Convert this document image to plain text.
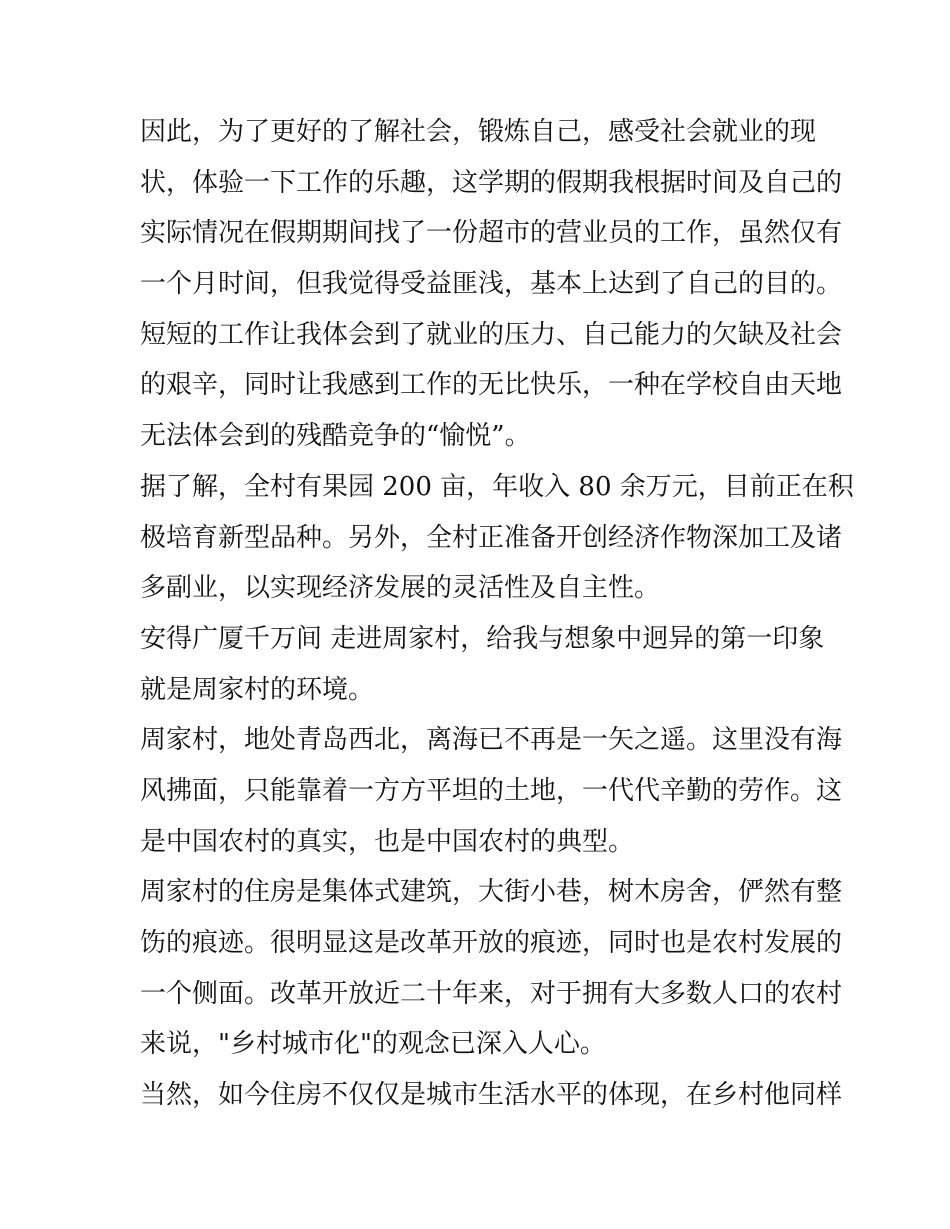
因此，为了更好的了解社会，锻炼自己，感受社会就业的现

状，体验一下工作的乐趣，这学期的假期我根据时间及自己的

实际情况在假期期间找了一份超市的营业员的工作，虽然仅有

一个月时间，但我觉得受益匪浅，基本上达到了自己的目的。

短短的工作让我体会到了就业的压力、自己能力的欠缺及社会

的艰辛，同时让我感到工作的无比快乐，一种在学校自由天地

无法体会到的残酷竞争的“愉悦”。

据了解，全村有果园 200 亩，年收入 80 余万元，目前正在积

极培育新型品种。另外，全村正准备开创经济作物深加工及诸

多副业，以实现经济发展的灵活性及自主性。

安得广厦千万间 走进周家村，给我与想象中迥异的第一印象

就是周家村的环境。

周家村，地处青岛西北，离海已不再是一矢之遥。这里没有海

风拂面，只能靠着一方方平坦的土地，一代代辛勤的劳作。这

是中国农村的真实，也是中国农村的典型。

周家村的住房是集体式建筑，大街小巷，树木房舍，俨然有整

饬的痕迹。很明显这是改革开放的痕迹，同时也是农村发展的

一个侧面。改革开放近二十年来，对于拥有大多数人口的农村

来说，"乡村城市化"的观念已深入人心。

当然，如今住房不仅仅是城市生活水平的体现，在乡村他同样
